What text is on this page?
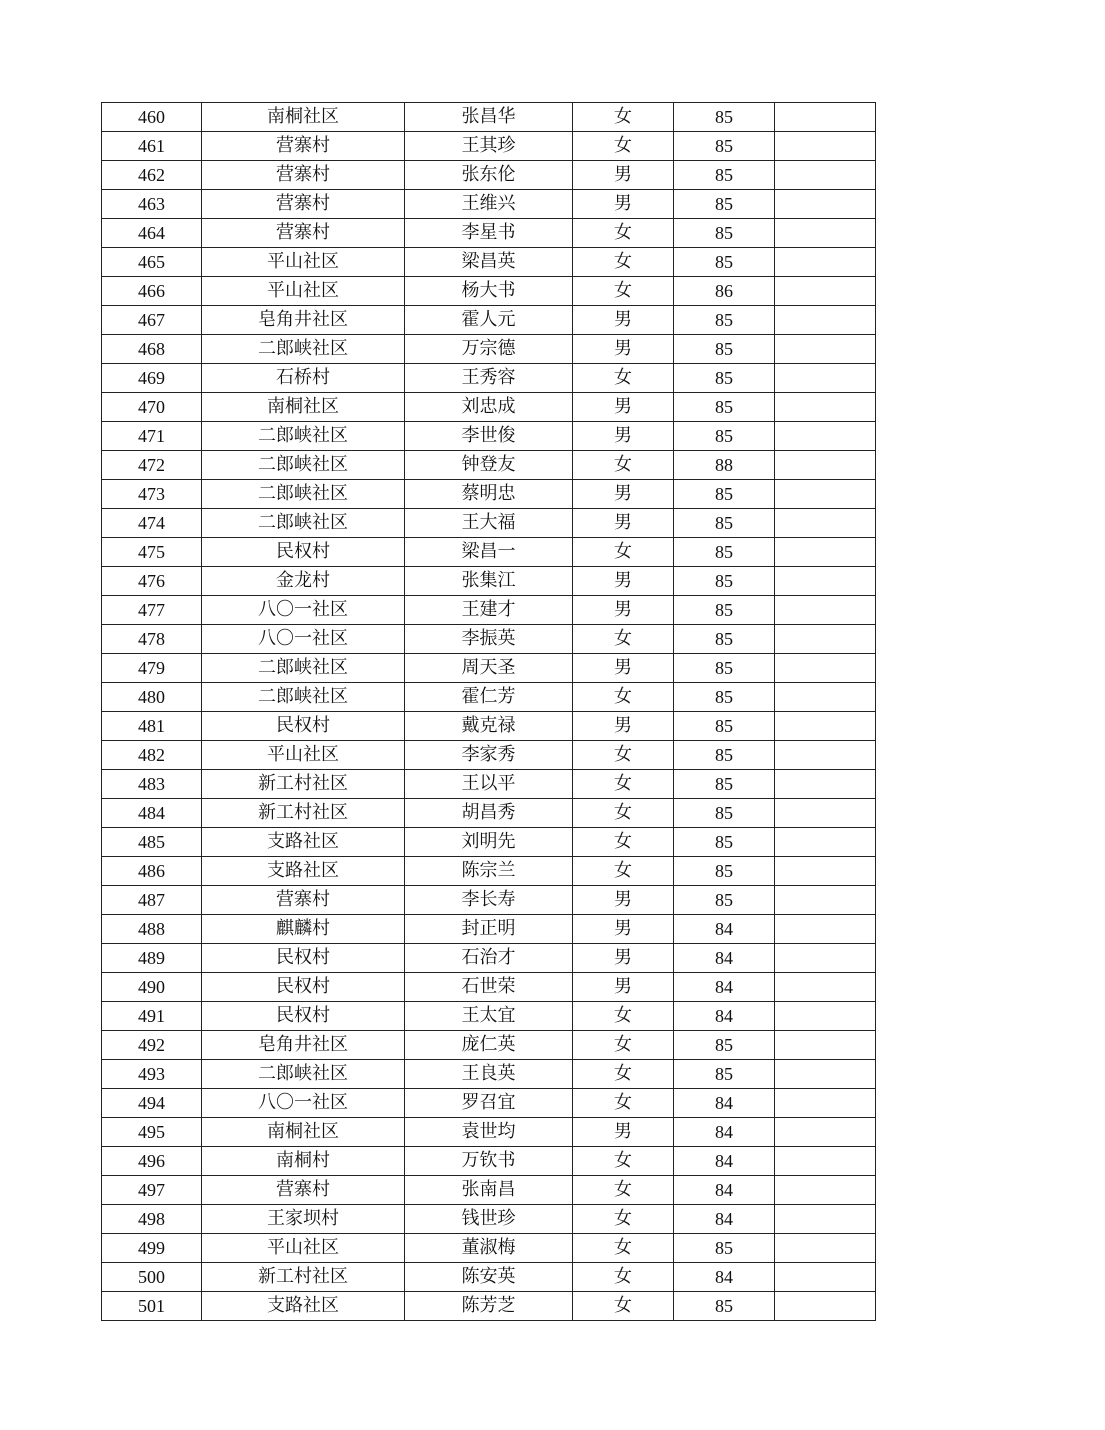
460	南桐社区	张昌华	女	85	
461	营寨村	王其珍	女	85	
462	营寨村	张东伦	男	85	
463	营寨村	王维兴	男	85	
464	营寨村	李星书	女	85	
465	平山社区	梁昌英	女	85	
466	平山社区	杨大书	女	86	
467	皂角井社区	霍人元	男	85	
468	二郎峡社区	万宗德	男	85	
469	石桥村	王秀容	女	85	
470	南桐社区	刘忠成	男	85	
471	二郎峡社区	李世俊	男	85	
472	二郎峡社区	钟登友	女	88	
473	二郎峡社区	蔡明忠	男	85	
474	二郎峡社区	王大福	男	85	
475	民权村	梁昌一	女	85	
476	金龙村	张集江	男	85	
477	八〇一社区	王建才	男	85	
478	八〇一社区	李振英	女	85	
479	二郎峡社区	周天圣	男	85	
480	二郎峡社区	霍仁芳	女	85	
481	民权村	戴克禄	男	85	
482	平山社区	李家秀	女	85	
483	新工村社区	王以平	女	85	
484	新工村社区	胡昌秀	女	85	
485	支路社区	刘明先	女	85	
486	支路社区	陈宗兰	女	85	
487	营寨村	李长寿	男	85	
488	麒麟村	封正明	男	84	
489	民权村	石治才	男	84	
490	民权村	石世荣	男	84	
491	民权村	王太宜	女	84	
492	皂角井社区	庞仁英	女	85	
493	二郎峡社区	王良英	女	85	
494	八〇一社区	罗召宜	女	84	
495	南桐社区	袁世均	男	84	
496	南桐村	万钦书	女	84	
497	营寨村	张南昌	女	84	
498	王家坝村	钱世珍	女	84	
499	平山社区	董淑梅	女	85	
500	新工村社区	陈安英	女	84	
501	支路社区	陈芳芝	女	85	
